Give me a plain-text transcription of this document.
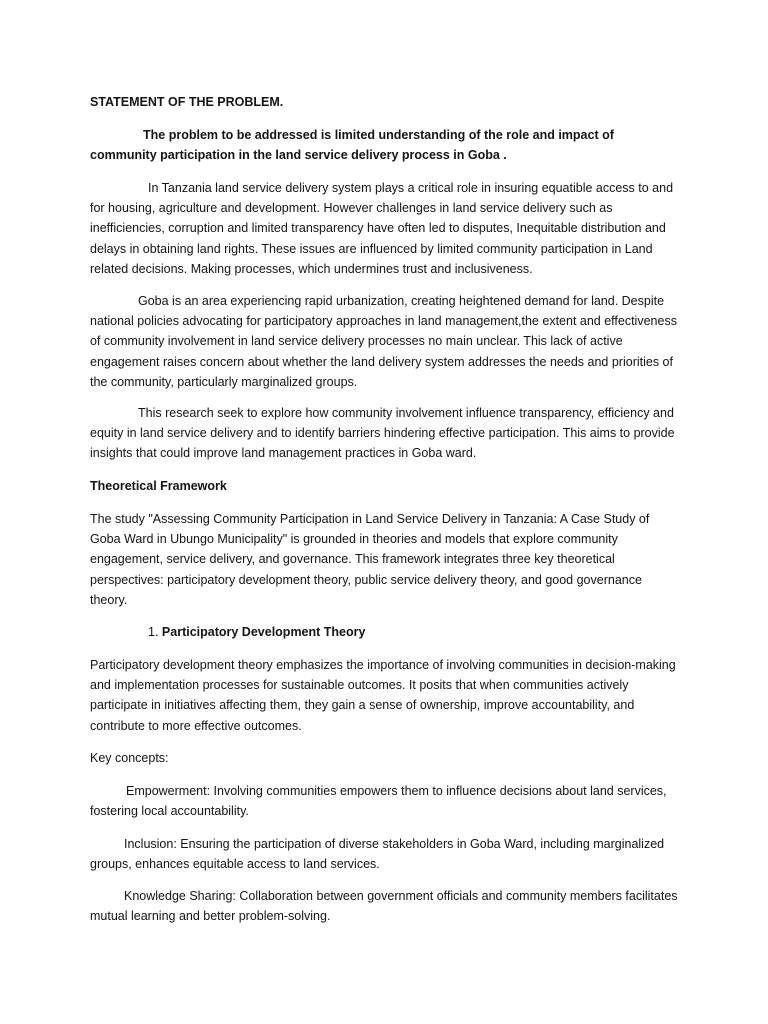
STATEMENT OF THE PROBLEM.

The problem to be addressed is limited understanding of the role and impact of community participation in the land service delivery process in Goba .

In Tanzania land service delivery system plays a critical role in insuring equatible access to and for housing, agriculture and development. However challenges in land service delivery such as inefficiencies, corruption and limited transparency have often led to disputes, Inequitable distribution and delays in obtaining land rights. These issues are influenced by limited community participation in Land related decisions. Making processes, which undermines trust and inclusiveness.

Goba is an area experiencing rapid urbanization, creating heightened demand for land. Despite national policies advocating for participatory approaches in land management,the extent and effectiveness of community involvement in land service delivery processes no main unclear. This lack of active engagement raises concern about whether the land delivery system addresses the needs and priorities of the community, particularly marginalized groups.

This research seek to explore how community involvement influence transparency, efficiency and equity in land service delivery and to identify barriers hindering effective participation. This aims to provide insights that could improve land management practices in Goba ward.

Theoretical Framework

The study "Assessing Community Participation in Land Service Delivery in Tanzania: A Case Study of Goba Ward in Ubungo Municipality" is grounded in theories and models that explore community engagement, service delivery, and governance. This framework integrates three key theoretical perspectives: participatory development theory, public service delivery theory, and good governance theory.

1. Participatory Development Theory

Participatory development theory emphasizes the importance of involving communities in decision-making and implementation processes for sustainable outcomes. It posits that when communities actively participate in initiatives affecting them, they gain a sense of ownership, improve accountability, and contribute to more effective outcomes.

Key concepts:

Empowerment: Involving communities empowers them to influence decisions about land services, fostering local accountability.

Inclusion: Ensuring the participation of diverse stakeholders in Goba Ward, including marginalized groups, enhances equitable access to land services.

Knowledge Sharing: Collaboration between government officials and community members facilitates mutual learning and better problem-solving.
